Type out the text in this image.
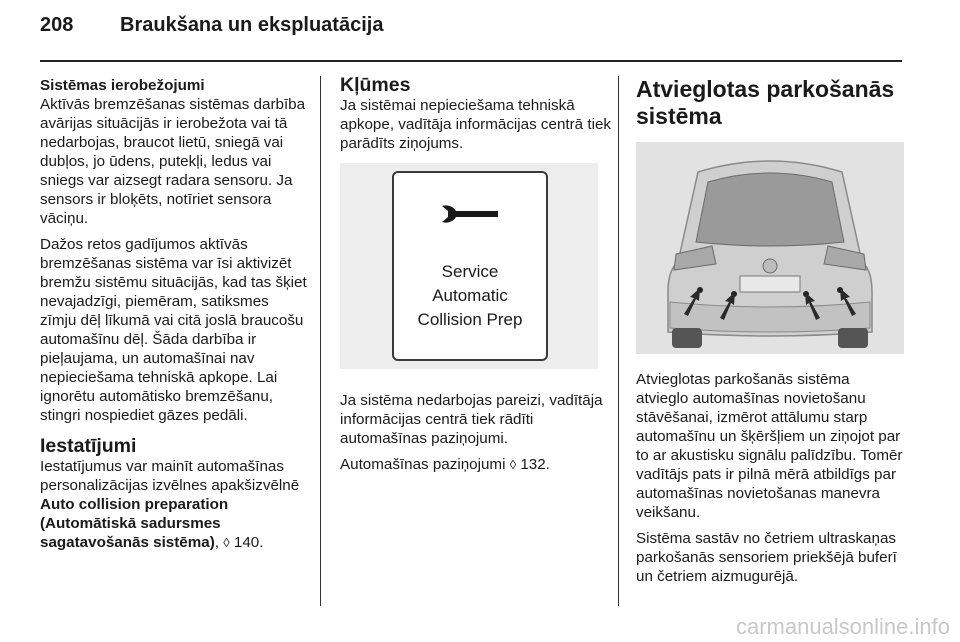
208 Braukšana un ekspluatācija
Sistēmas ierobežojumi

Aktīvās bremzēšanas sistēmas darbība avārijas situācijās ir ierobežota vai tā nedarbojas, braucot lietū, sniegā vai dubļos, jo ūdens, putekļi, ledus vai sniegs var aizsegt radara sensoru. Ja sensors ir bloķēts, notīriet sensora vāciņu.

Dažos retos gadījumos aktīvās bremzēšanas sistēma var īsi aktivizēt bremžu sistēmu situācijās, kad tas šķiet nevajadzīgi, piemēram, satiksmes zīmju dēļ līkumā vai citā joslā braucošu automašīnu dēļ. Šāda darbība ir pieļaujama, un automašīnai nav nepieciešama tehniskā apkope. Lai ignorētu automātisko bremzēšanu, stingri nospiediet gāzes pedāli.

Iestatījumi

Iestatījumus var mainīt automašīnas personalizācijas izvēlnes apakšizvēlnē Auto collision preparation (Automātiskā sadursmes sagatavošanās sistēma), ◊ 140.

Kļūmes

Ja sistēmai nepieciešama tehniskā apkope, vadītāja informācijas centrā tiek parādīts ziņojums.

Service
Automatic
Collision Prep

Ja sistēma nedarbojas pareizi, vadītāja informācijas centrā tiek rādīti automašīnas paziņojumi.

Automašīnas paziņojumi ◊ 132.

Atvieglotas parkošanās sistēma

Atvieglotas parkošanās sistēma atvieglo automašīnas novietošanu stāvēšanai, izmērot attālumu starp automašīnu un šķēršļiem un ziņojot par to ar akustisku signālu palīdzību. Tomēr vadītājs pats ir pilnā mērā atbildīgs par automašīnas novietošanas manevra veikšanu.

Sistēma sastāv no četriem ultraskaņas parkošanās sensoriem priekšējā buferī un četriem aizmugurējā.

carmanualsonline.info
